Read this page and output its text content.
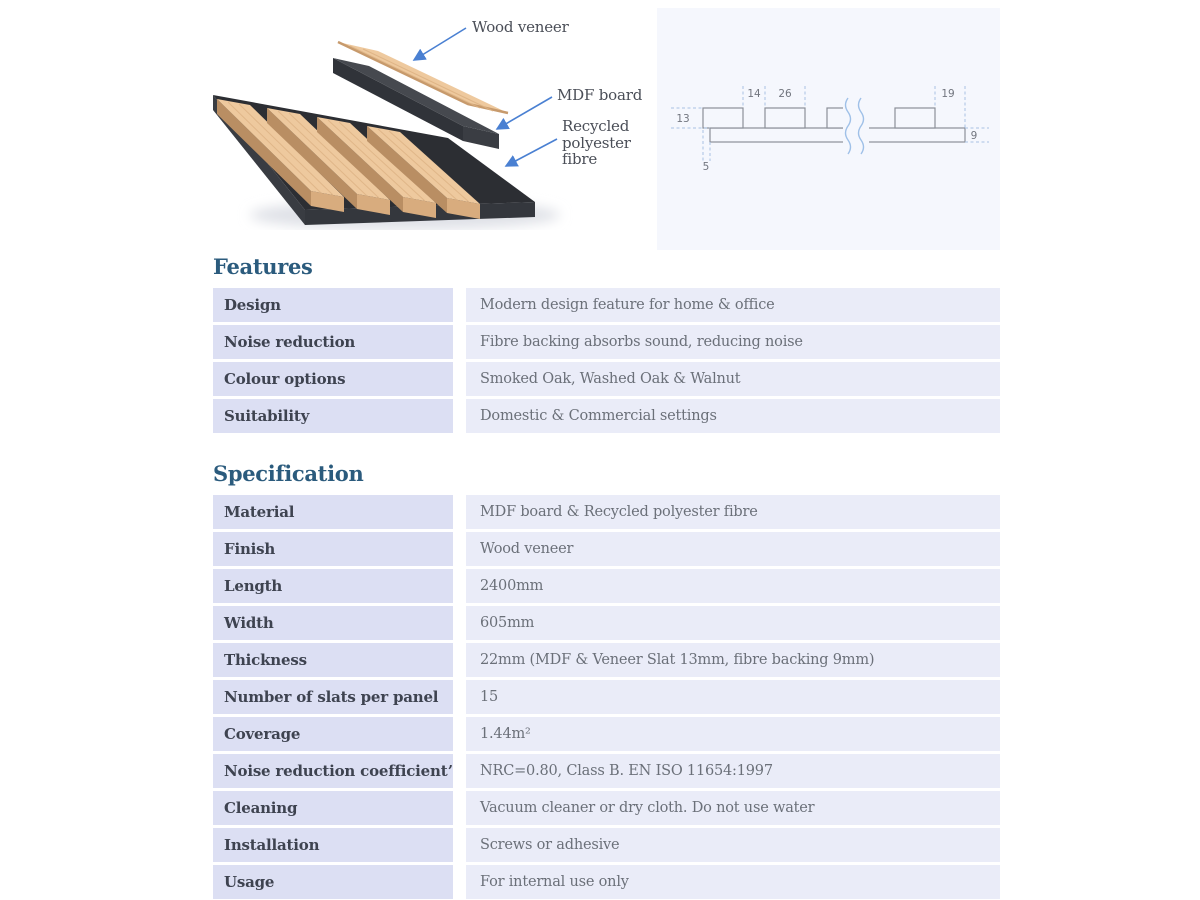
Wood veneer
MDF board
Recycled polyester fibre
14 26	19
13
9
5
Features
Design	Modern design feature for home & office
Noise reduction	Fibre backing absorbs sound, reducing noise
Colour options	Smoked Oak, Washed Oak & Walnut
Suitability	Domestic & Commercial settings
Specification
Material	MDF board & Recycled polyester fibre
Finish	Wood veneer
Length	2400mm
Width	605mm
Thickness	22mm (MDF & Veneer Slat 13mm, fibre backing 9mm)
Number of slats per panel	15
Coverage	1.44m²
Noise reduction coefficientʼ	NRC=0.80, Class B. EN ISO 11654:1997
Cleaning	Vacuum cleaner or dry cloth. Do not use water
Installation	Screws or adhesive
Usage	For internal use only
